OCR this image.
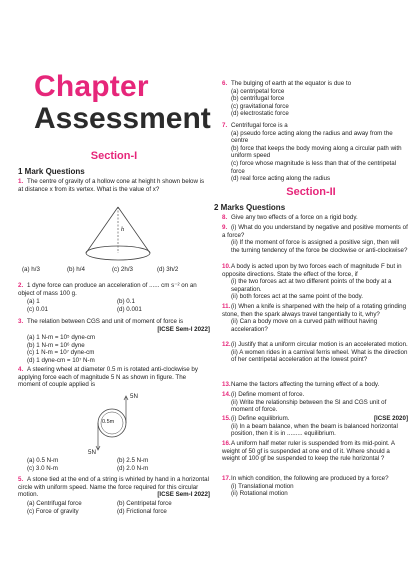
Chapter
Assessment
Section-I
1 Mark Questions
1. The centre of gravity of a hollow cone at height h shown below is at distance x from its vertex. What is the value of x?
h
(a) h/3	(b) h/4	(c) 2h/3	(d) 3h/2
2. 1 dyne force can produce an acceleration of ...... cm s⁻² on an object of mass 100 g.
(a) 1	(b) 0.1
(c) 0.01	(d) 0.001
3. The relation between CGS and unit of moment of force is
[ICSE Sem-I 2022]
(a) 1 N-m = 10⁵ dyne-cm
(b) 1 N-m = 10⁶ dyne
(c) 1 N-m = 10⁷ dyne-cm
(d) 1 dyne-cm = 10⁷ N-m
4. A steering wheel at diameter 0.5 m is rotated anti-clockwise by applying force each of magnitude 5 N as shown in figure. The moment of couple applied is
5N
0.5m
5N
(a) 0.5 N-m	(b) 2.5 N-m
(c) 3.0 N-m	(d) 2.0 N-m
5. A stone tied at the end of a string is whirled by hand in a horizontal circle with uniform speed. Name the force required for this circular motion.	[ICSE Sem-I 2022]
(a) Centrifugal force	(b) Centripetal force
(c) Force of gravity	(d) Frictional force
6. The bulging of earth at the equator is due to
(a) centripetal force
(b) centrifugal force
(c) gravitational force
(d) electrostatic force
7. Centrifugal force is a
(a) pseudo force acting along the radius and away from the centre
(b) force that keeps the body moving along a circular path with uniform speed
(c) force whose magnitude is less than that of the centripetal force
(d) real force acting along the radius
Section-II
2 Marks Questions
8. Give any two effects of a force on a rigid body.
9. (i) What do you understand by negative and positive moments of a force?
(ii) If the moment of force is assigned a positive sign, then will the turning tendency of the force be clockwise or anti-clockwise?
10.A body is acted upon by two forces each of magnitude F but in opposite directions. State the effect of the force, if
(i) the two forces act at two different points of the body at a separation.
(ii) both forces act at the same point of the body.
11.(i) When a knife is sharpened with the help of a rotating grinding stone, then the spark always travel tangentially to it, why?
(ii) Can a body move on a curved path without having acceleration?
12.(i) Justify that a uniform circular motion is an accelerated motion.
(ii) A women rides in a carnival ferris wheel. What is the direction of her centripetal acceleration at the lowest point?
13.Name the factors affecting the turning effect of a body.
14.(i) Define moment of force.
(ii) Write the relationship between the SI and CGS unit of moment of force.
15.(i) Define equilibrium.	[ICSE 2020]
(ii) In a beam balance, when the beam is balanced horizontal position, then it is in ......... equilibrium.
16.A uniform half meter ruler is suspended from its mid-point. A weight of 50 gf is suspended at one end of it. Where should a weight of 100 gf be suspended to keep the rule horizontal ?
17.In which condition, the following are produced by a force?
(i) Translational motion
(ii) Rotational motion
